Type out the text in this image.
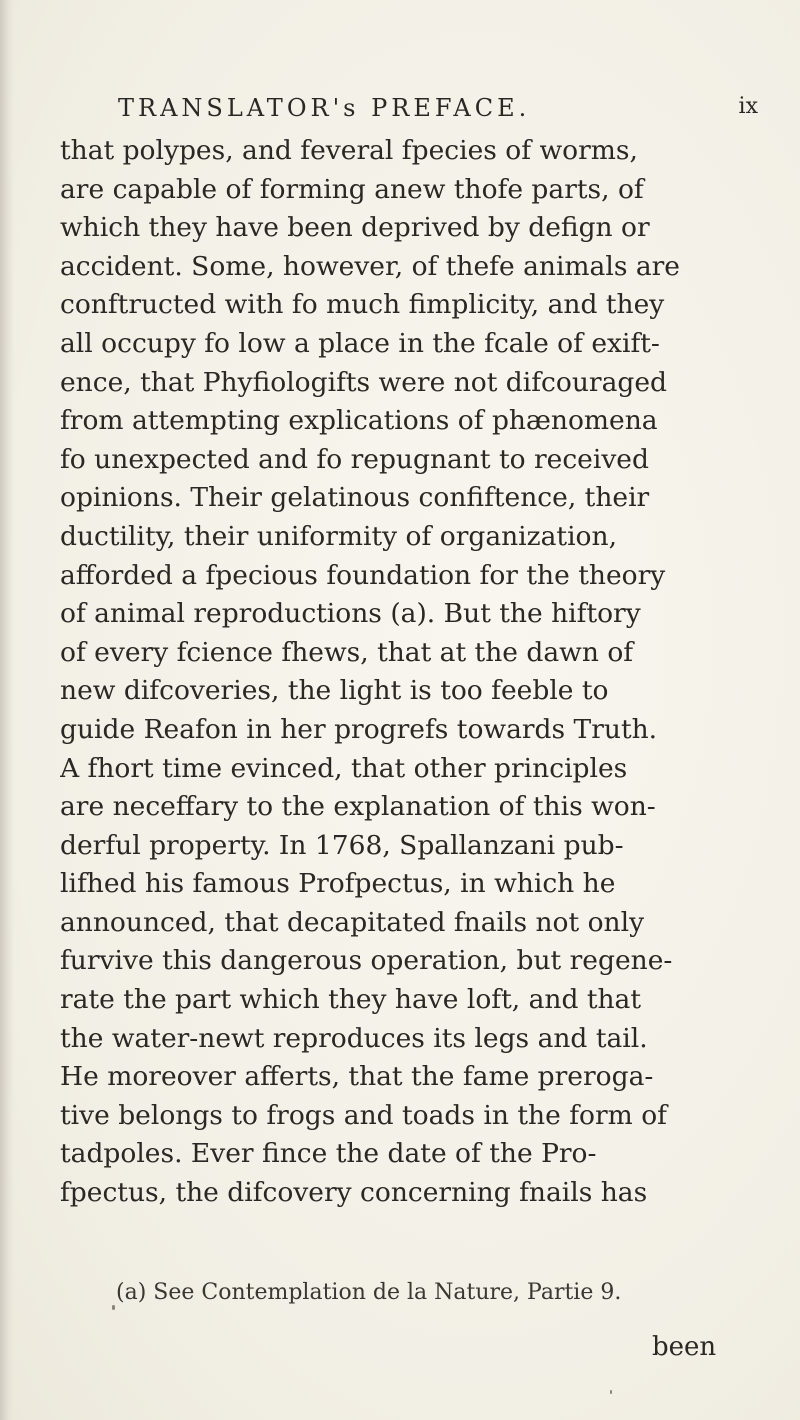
TRANSLATOR's PREFACE.	ix
that polypes, and feveral fpecies of worms,
are capable of forming anew thofe parts, of
which they have been deprived by defign or
accident. Some, however, of thefe animals are
conftructed with fo much fimplicity, and they
all occupy fo low a place in the fcale of exift-
ence, that Phyfiologifts were not difcouraged
from attempting explications of phænomena
fo unexpected and fo repugnant to received
opinions. Their gelatinous confiftence, their
ductility, their uniformity of organization,
afforded a fpecious foundation for the theory
of animal reproductions (a). But the hiftory
of every fcience fhews, that at the dawn of
new difcoveries, the light is too feeble to
guide Reafon in her progrefs towards Truth.
A fhort time evinced, that other principles
are neceffary to the explanation of this won-
derful property. In 1768, Spallanzani pub-
lifhed his famous Profpectus, in which he
announced, that decapitated fnails not only
furvive this dangerous operation, but regene-
rate the part which they have loft, and that
the water-newt reproduces its legs and tail.
He moreover afferts, that the fame preroga-
tive belongs to frogs and toads in the form of
tadpoles. Ever fince the date of the Pro-
fpectus, the difcovery concerning fnails has
(a) See Contemplation de la Nature, Partie 9.
been
